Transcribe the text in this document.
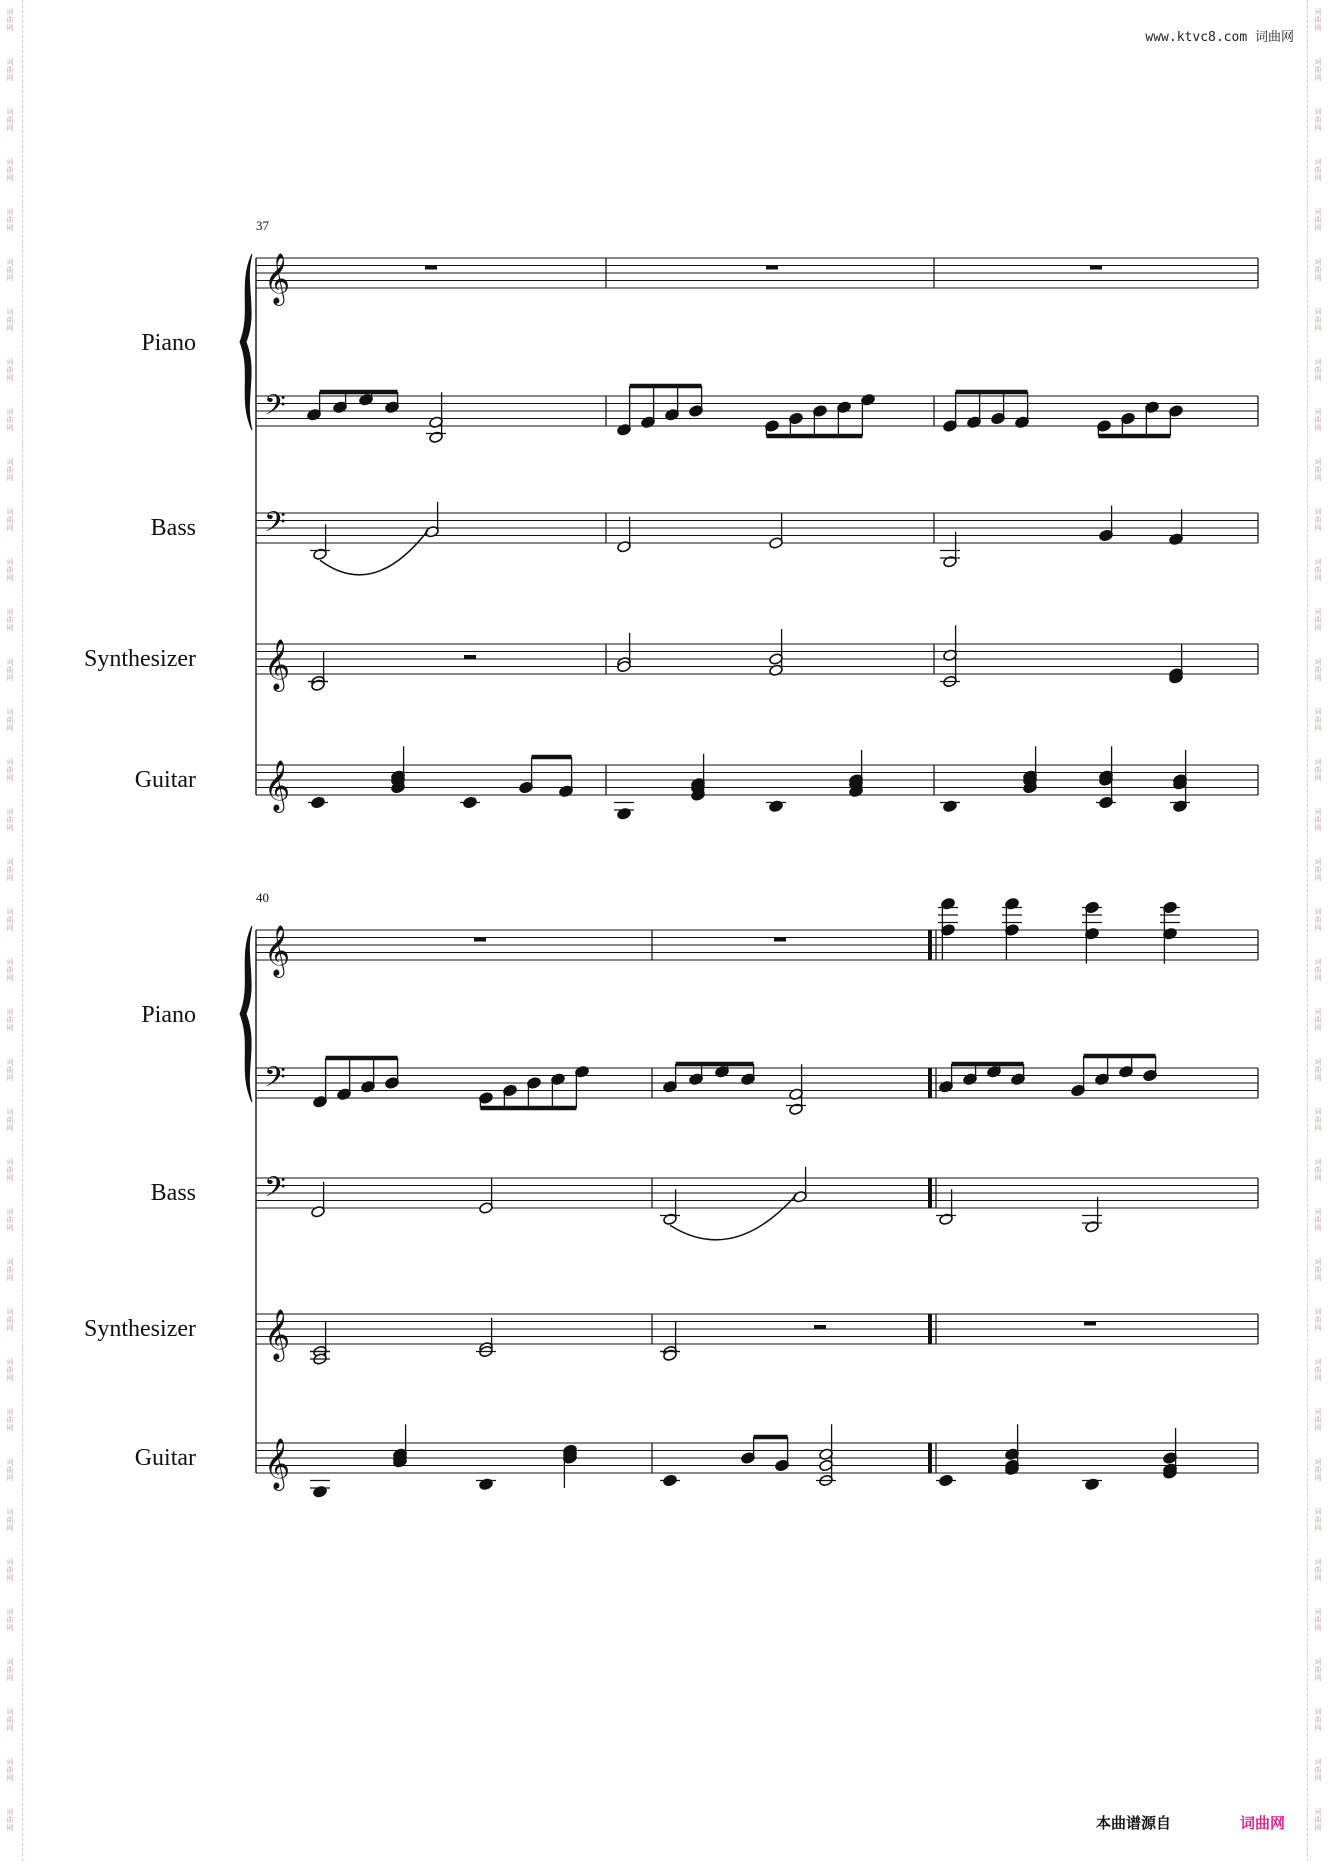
词
曲
网
词
曲
网
词
曲
网
词
曲
网
词
曲
网
词
曲
网
词
曲
网
词
曲
网
词
曲
网
词
曲
网
词
曲
网
词
曲
网
词
曲
网
词
曲
网
词
曲
网
词
曲
网
词
曲
网
词
曲
网
词
曲
网
词
曲
网
词
曲
网
词
曲
网
词
曲
网
词
曲
网
词
曲
网
词
曲
网
词
曲
网
词
曲
网
词
曲
网
词
曲
网
词
曲
网
词
曲
网
词
曲
网
词
曲
网
词
曲
网
词
曲
网
词
曲
网
词
曲
网
词
曲
网
词
曲
网
词
曲
网
词
曲
网
词
曲
网
词
曲
网
词
曲
网
词
曲
网
词
曲
网
词
曲
网
词
曲
网
词
曲
网
词
曲
网
词
曲
网
词
曲
网
词
曲
网
词
曲
网
词
曲
网
词
曲
网
词
曲
网
词
曲
网
词
曲
网
词
曲
网
词
曲
网
词
曲
网
词
曲
网
词
曲
网
词
曲
网
词
曲
网
词
曲
网
词
曲
网
词
曲
网
词
曲
网
词
曲
网
词
曲
网
词
曲
网
www.ktvc8.com 词曲网
37
𝄞
𝄢
𝄢
𝄞
𝄞
Piano
Bass
Synthesizer
Guitar
40
𝄞
𝄢
𝄢
𝄞
𝄞
Piano
Bass
Synthesizer
Guitar
本曲谱源自	词曲网
